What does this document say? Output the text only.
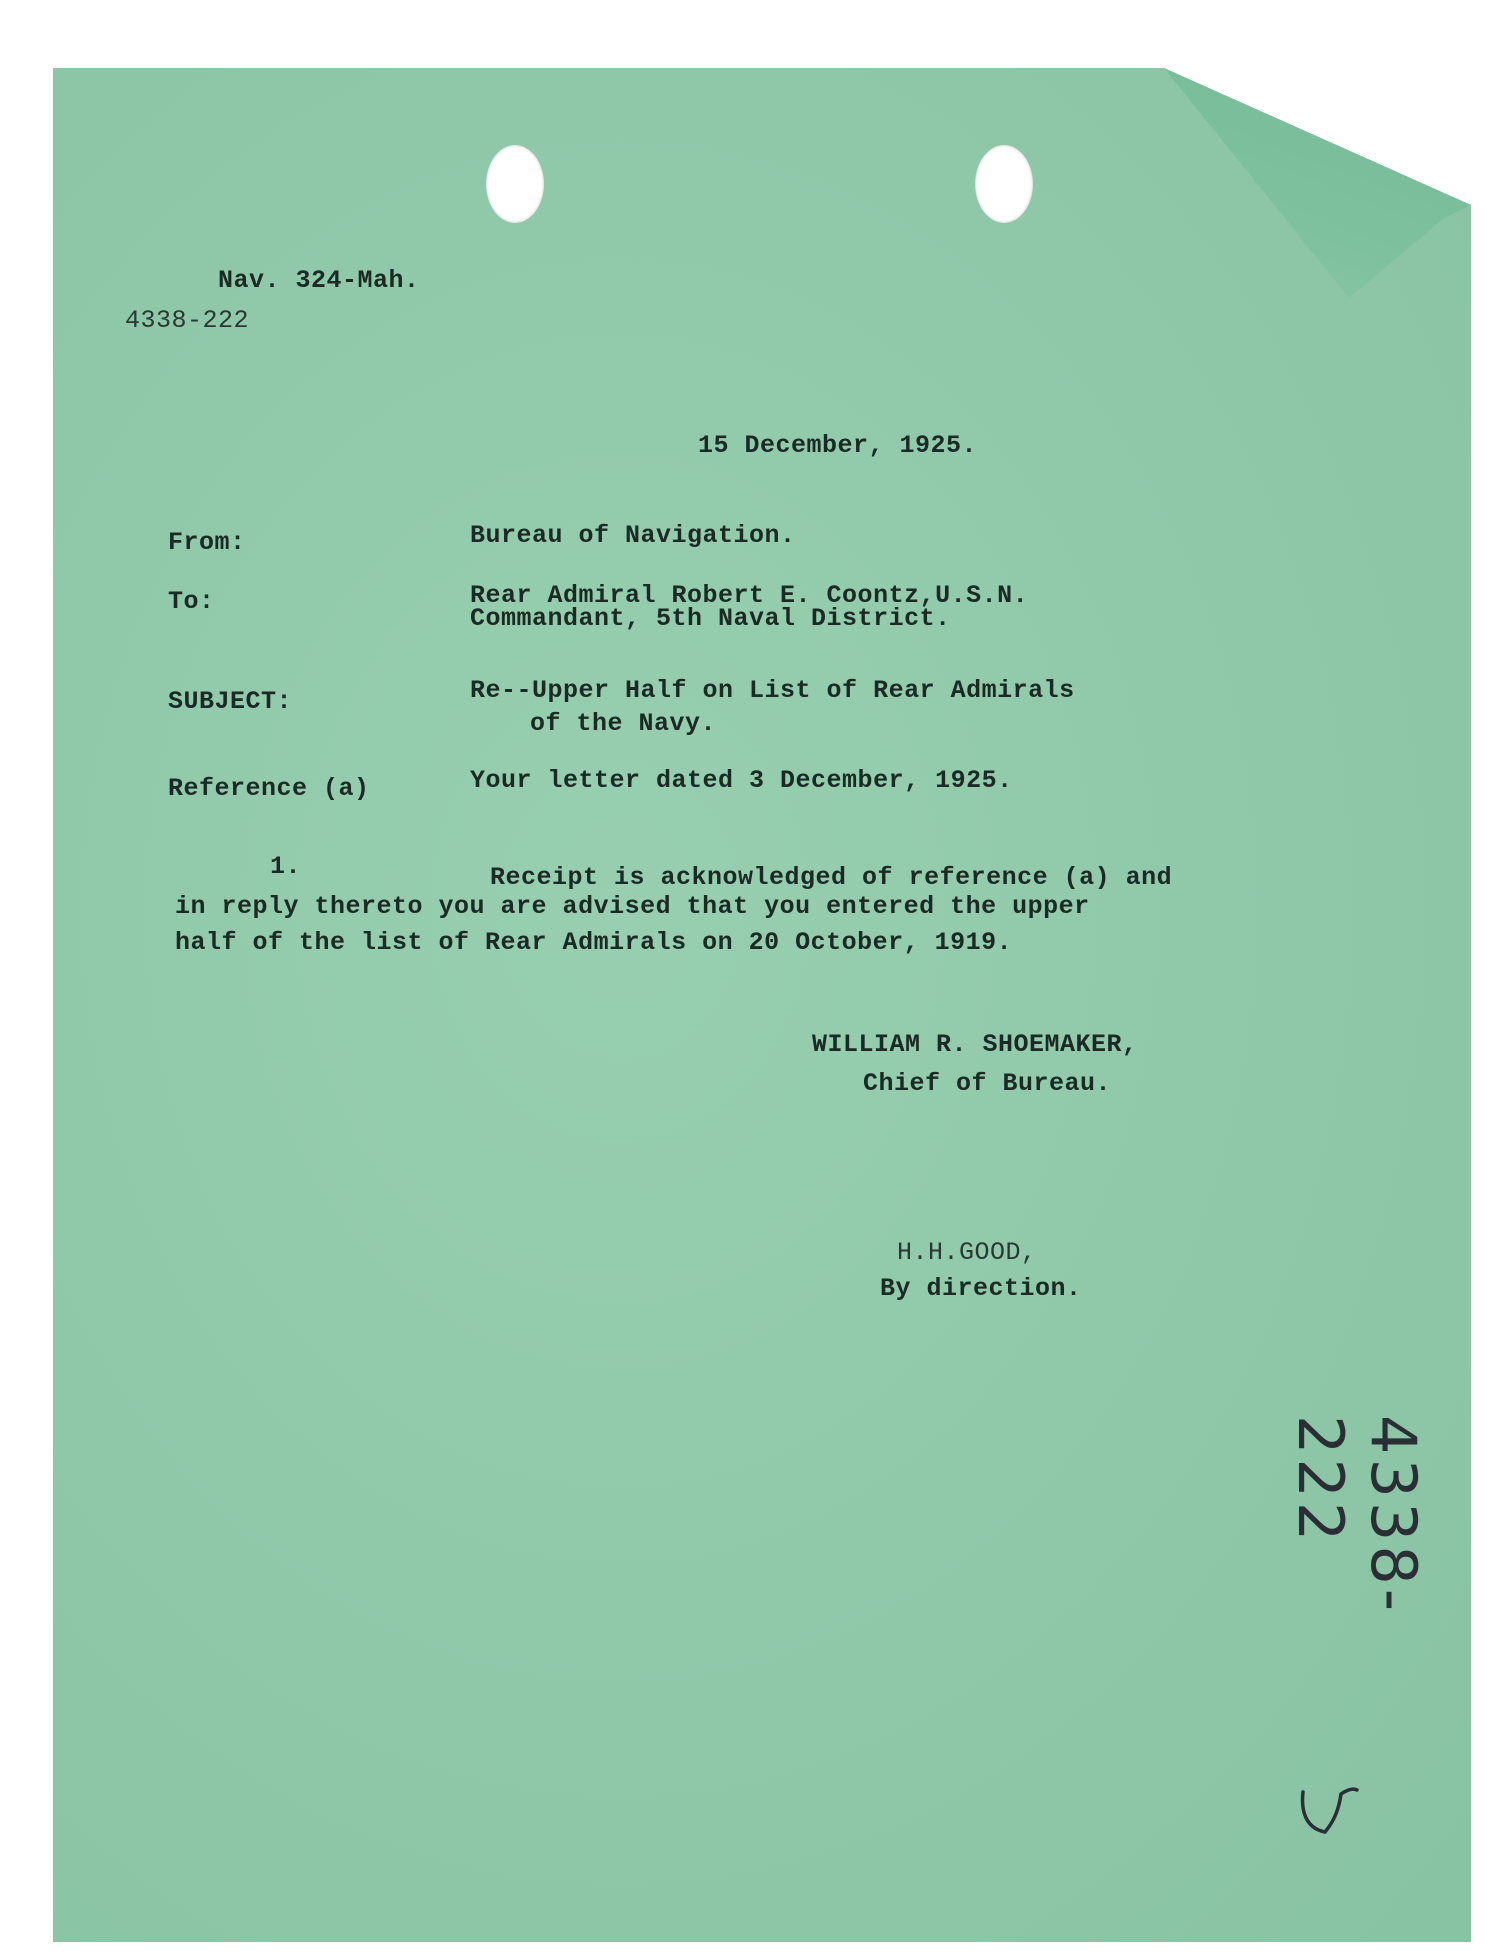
Nav. 324-Mah.
4338-222
15 December, 1925.
From:	Bureau of Navigation.
To:	Rear Admiral Robert E. Coontz,U.S.N.
Commandant, 5th Naval District.
SUBJECT:	Re--Upper Half on List of Rear Admirals
of the Navy.
Reference (a)	Your letter dated 3 December, 1925.
1.	Receipt is acknowledged of reference (a) and
in reply thereto you are advised that you entered the upper
half of the list of Rear Admirals on 20 October, 1919.
WILLIAM R. SHOEMAKER,
Chief of Bureau.
H.H.GOOD,
By direction.
4338-222
